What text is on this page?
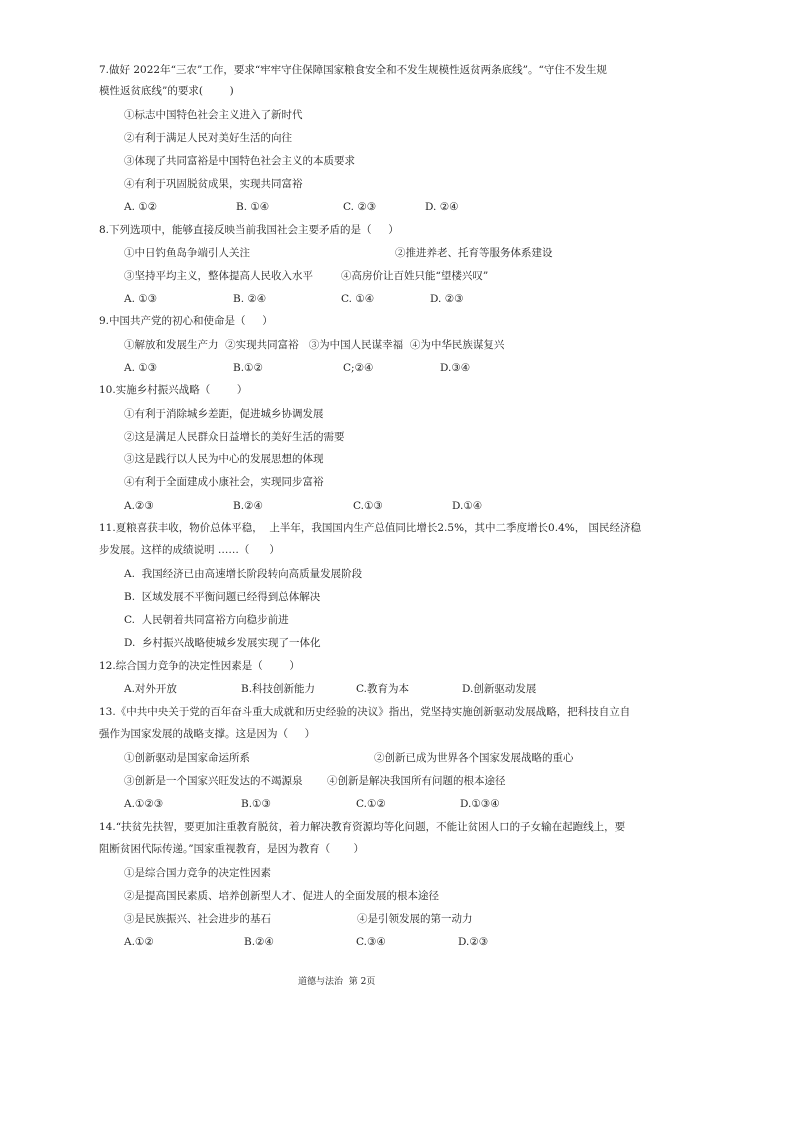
7.做好 2022年“三农”工作，要求“牢牢守住保障国家粮食安全和不发生规模性返贫两条底线”。“守住不发生规
模性返贫底线”的要求(        )
①标志中国特色社会主义进入了新时代
②有利于满足人民对美好生活的向往
③体现了共同富裕是中国特色社会主义的本质要求
④有利于巩固脱贫成果，实现共同富裕
A. ①②	B. ①④	C. ②③	D. ②④
8.下列选项中，能够直接反映当前我国社会主要矛盾的是（     ）
①中日钓鱼岛争端引人关注	②推进养老、托育等服务体系建设
③坚持平均主义，整体提高人民收入水平	④高房价让百姓只能“望楼兴叹”
A. ①③	B. ②④	C. ①④	D. ②③
9.中国共产党的初心和使命是（     ）
①解放和发展生产力  ②实现共同富裕   ③为中国人民谋幸福  ④为中华民族谋复兴
A. ①③	B.①②	C;②④	D.③④
10.实施乡村振兴战略（        ）
①有利于消除城乡差距，促进城乡协调发展
②这是满足人民群众日益增长的美好生活的需要
③这是践行以人民为中心的发展思想的体现
④有利于全面建成小康社会，实现同步富裕
A.②③	B.②④	C.①③	D.①④
11.夏粮喜获丰收，物价总体平稳，  上半年，我国国内生产总值同比增长2.5%，其中二季度增长0.4%， 国民经济稳
步发展。这样的成绩说明 ……（      ）
A.  我国经济已由高速增长阶段转向高质量发展阶段
B.  区域发展不平衡问题已经得到总体解决
C.  人民朝着共同富裕方向稳步前进
D.  乡村振兴战略使城乡发展实现了一体化
12.综合国力竞争的决定性因素是（        ）
A.对外开放	B.科技创新能力	C.教育为本	D.创新驱动发展
13.《中共中央关于党的百年奋斗重大成就和历史经验的决议》指出，党坚持实施创新驱动发展战略，把科技自立自
强作为国家发展的战略支撑。这是因为（     ）
①创新驱动是国家命运所系	②创新已成为世界各个国家发展战略的重心
③创新是一个国家兴旺发达的不竭源泉 ④创新是解决我国所有问题的根本途径
A.①②③	B.①③	C.①②	D.①③④
14.“扶贫先扶智，要更加注重教育脱贫，着力解决教育资源均等化问题，不能让贫困人口的子女输在起跑线上，要
阻断贫困代际传递。”国家重视教育，是因为教育（       ）
①是综合国力竞争的决定性因素
②是提高国民素质、培养创新型人才、促进人的全面发展的根本途径
③是民族振兴、社会进步的基石	④是引领发展的第一动力
A.①②	B.②④	C.③④	D.②③
道德与法治  第 2页
